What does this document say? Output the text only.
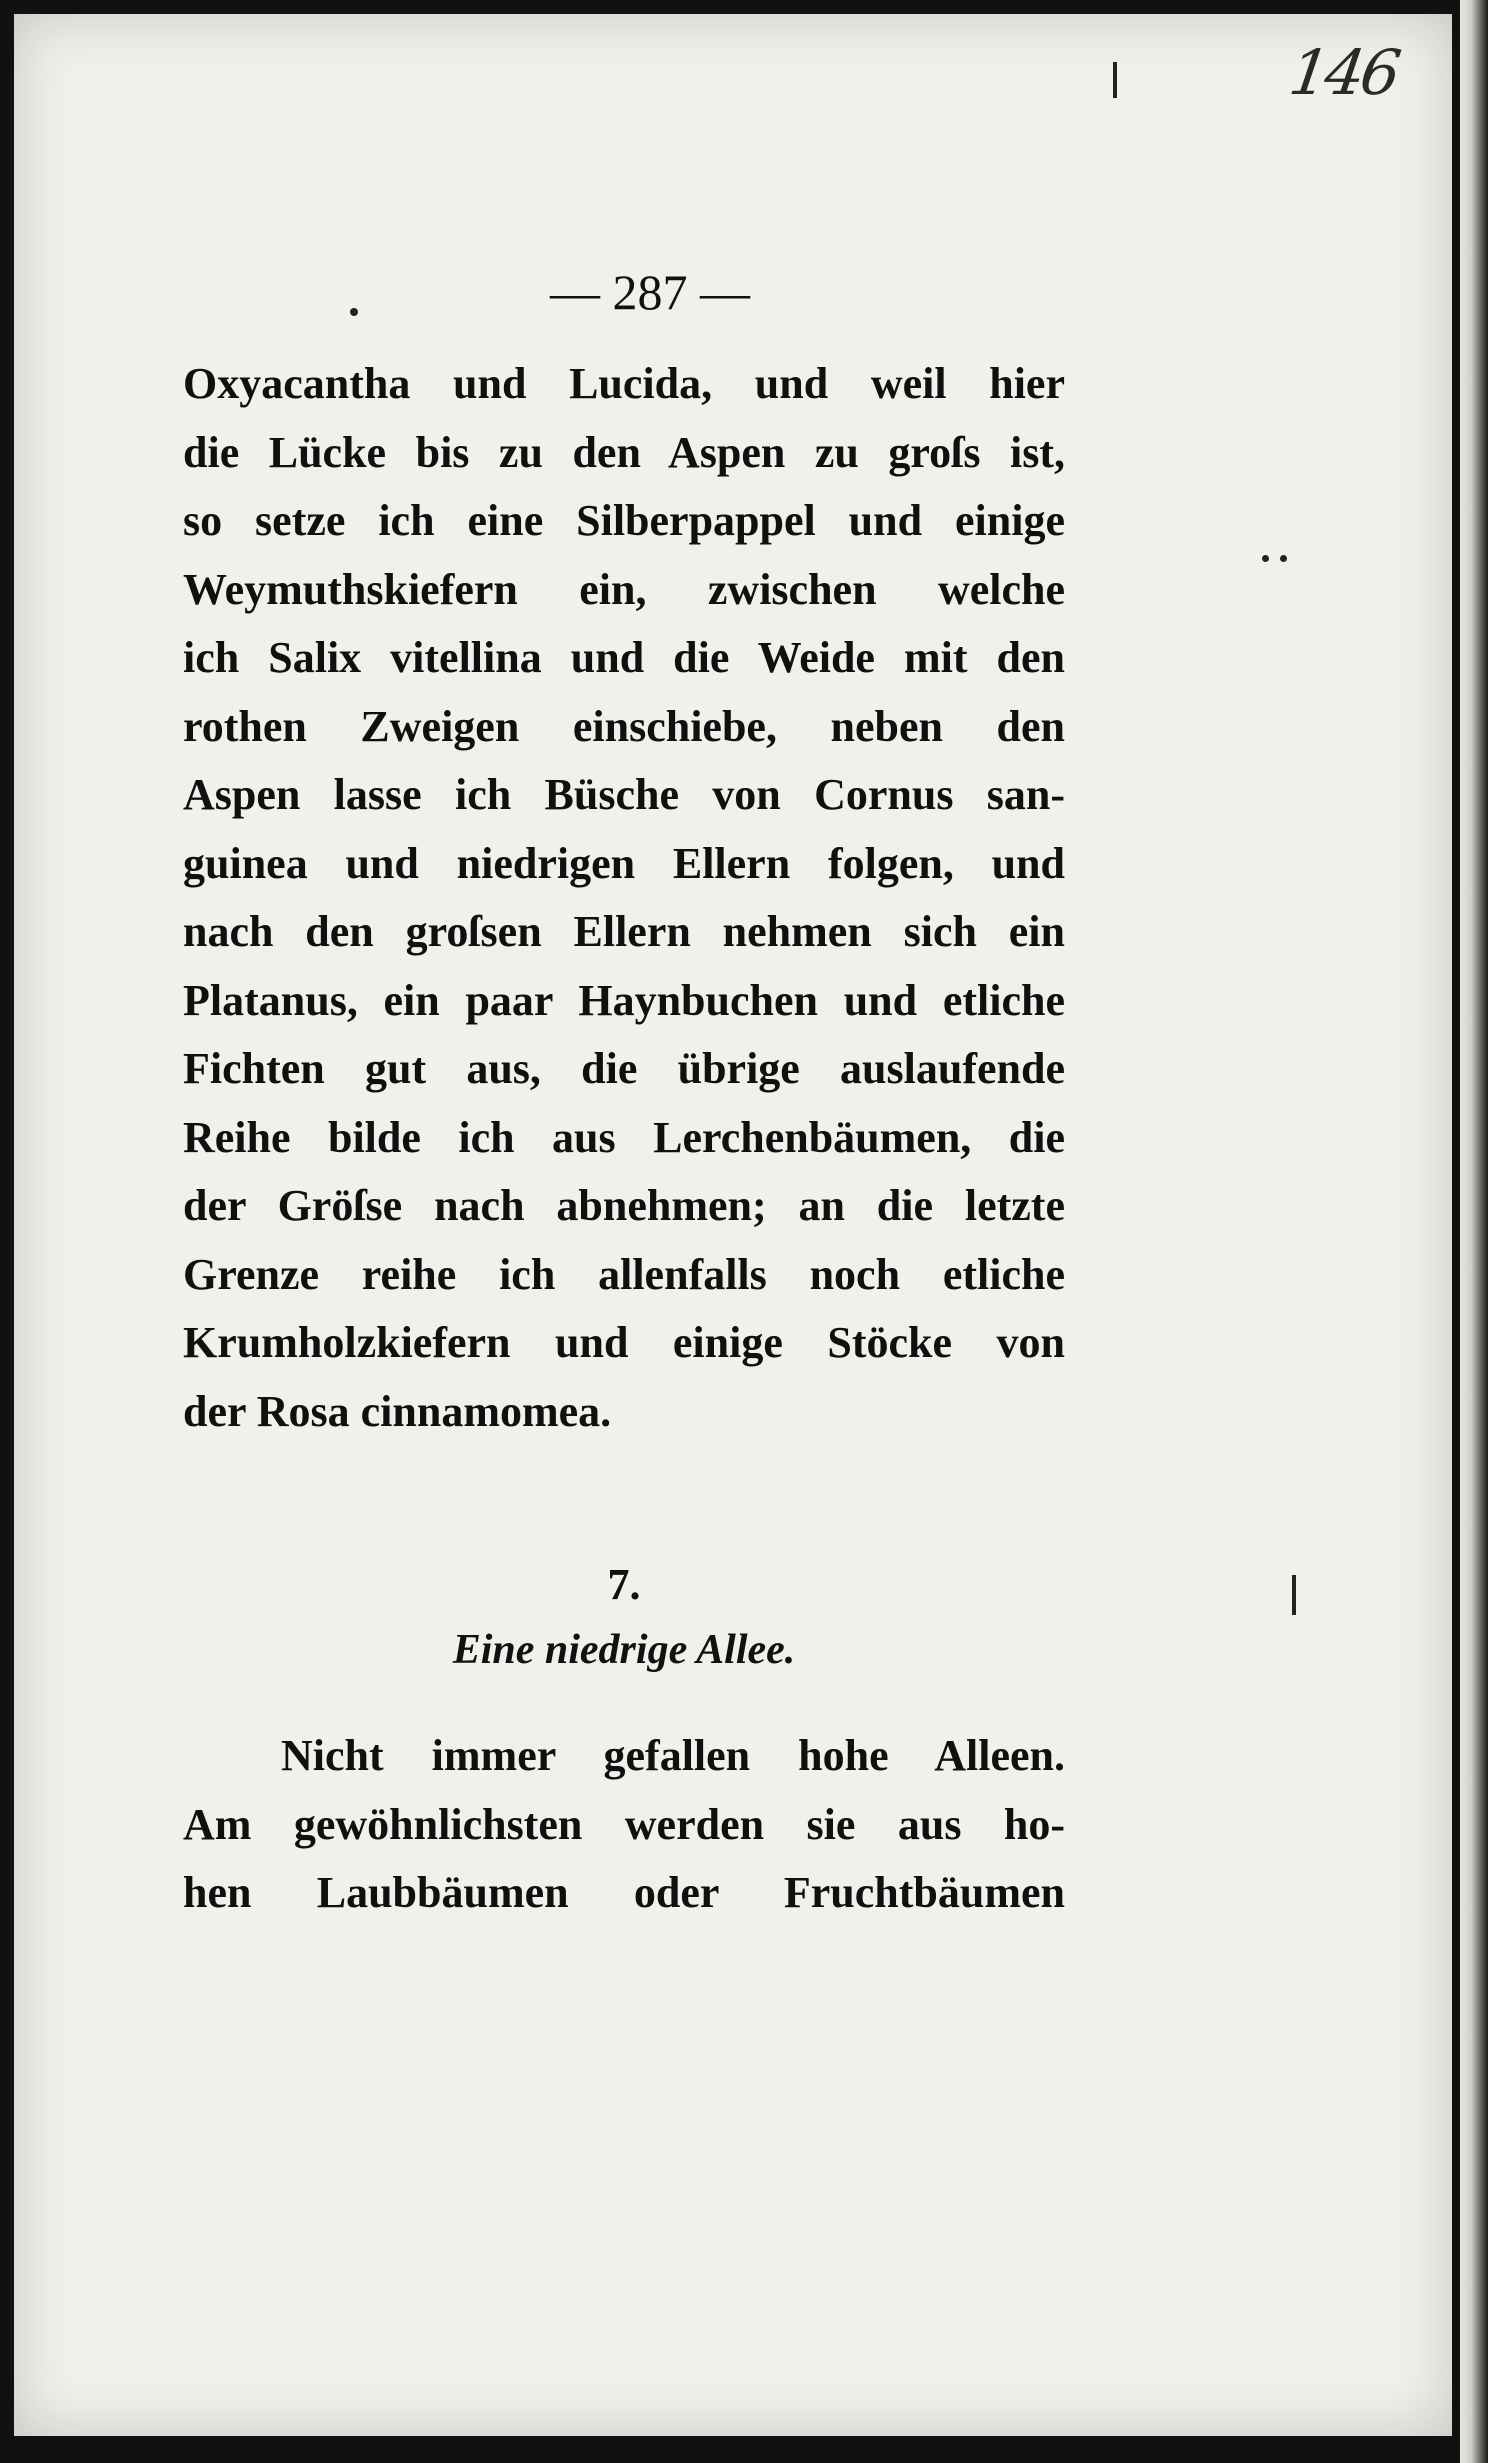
146
— 287 —
Oxyacantha und Lucida, und weil hier
die Lücke bis zu den Aspen zu groſs ist,
so setze ich eine Silberpappel und einige
Weymuthskiefern ein, zwischen welche
ich Salix vitellina und die Weide mit den
rothen Zweigen einschiebe, neben den
Aspen lasse ich Büsche von Cornus san-
guinea und niedrigen Ellern folgen, und
nach den groſsen Ellern nehmen sich ein
Platanus, ein paar Haynbuchen und etliche
Fichten gut aus, die übrige auslaufende
Reihe bilde ich aus Lerchenbäumen, die
der Gröſse nach abnehmen; an die letzte
Grenze reihe ich allenfalls noch etliche
Krumholzkiefern und einige Stöcke von
der Rosa cinnamomea.
7.
Eine niedrige Allee.
Nicht immer gefallen hohe Alleen.
Am gewöhnlichsten werden sie aus ho-
hen Laubbäumen oder Fruchtbäumen
